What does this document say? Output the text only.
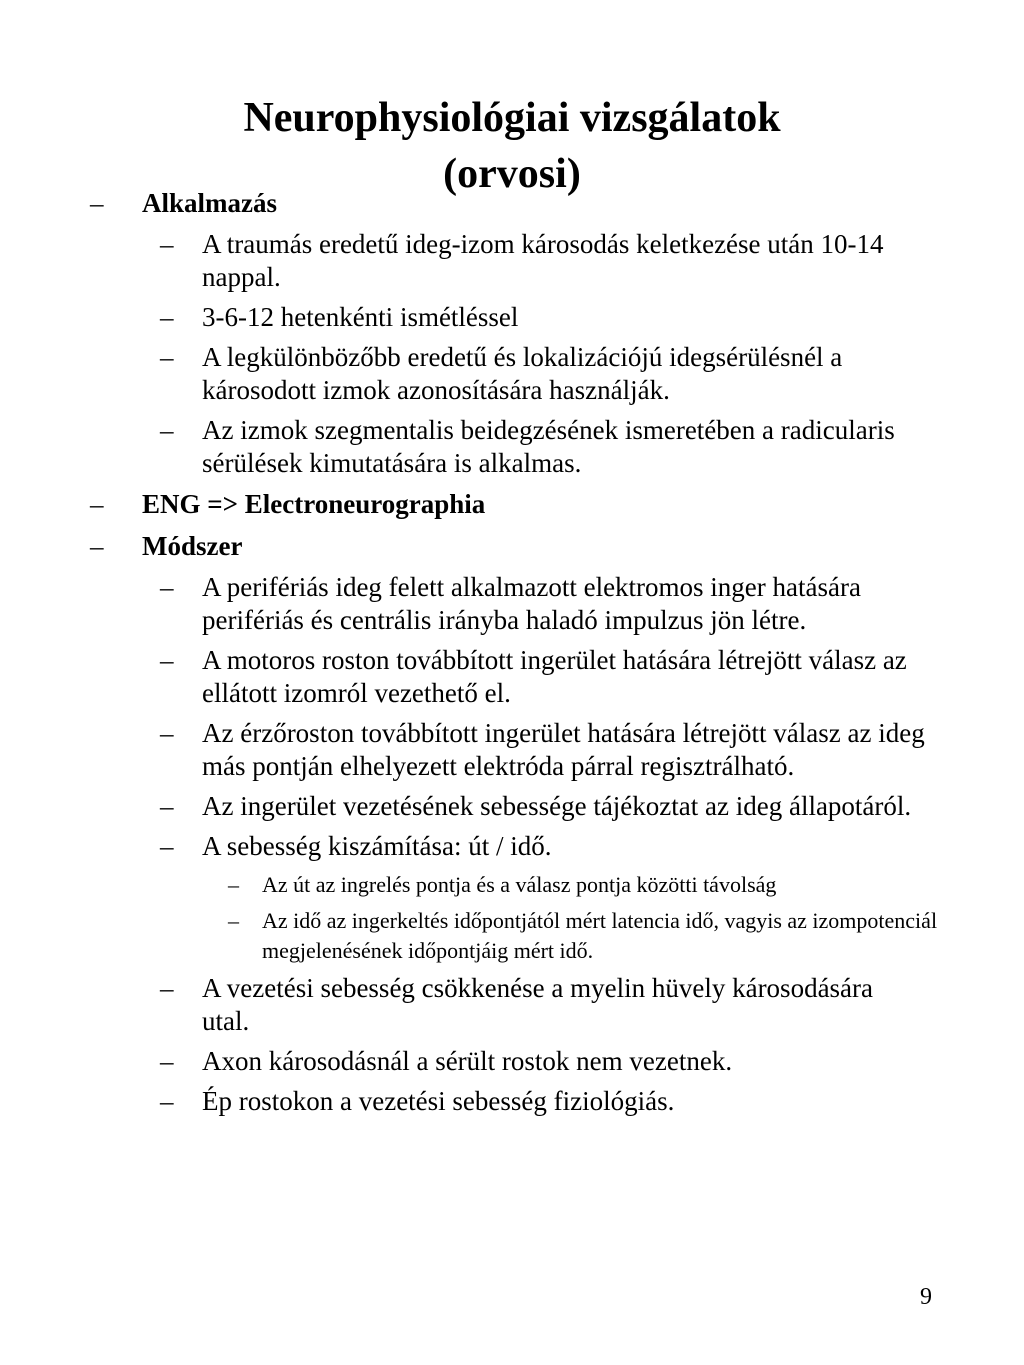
Neurophysiológiai vizsgálatok
(orvosi)
– Alkalmazás
– A traumás eredetű ideg-izom károsodás keletkezése után 10-14 nappal.
– 3-6-12 hetenkénti ismétléssel
– A legkülönbözőbb eredetű és lokalizációjú idegsérülésnél a károsodott izmok azonosítására használják.
– Az izmok szegmentalis beidegzésének ismeretében a radicularis sérülések kimutatására is alkalmas.
– ENG => Electroneurographia
– Módszer
– A perifériás ideg felett alkalmazott elektromos inger hatására perifériás és centrális irányba haladó impulzus jön létre.
– A motoros roston továbbított ingerület hatására létrejött válasz az ellátott izomról vezethető el.
– Az érzőroston továbbított ingerület hatására létrejött válasz az ideg más pontján elhelyezett elektróda párral regisztrálható.
– Az ingerület vezetésének sebessége tájékoztat az ideg állapotáról.
– A sebesség kiszámítása: út / idő.
– Az út az ingrelés pontja és a válasz pontja közötti távolság
– Az idő az ingerkeltés időpontjától mért latencia idő, vagyis az izompotenciál megjelenésének időpontjáig mért idő.
– A vezetési sebesség csökkenése a myelin hüvely károsodására utal.
– Axon károsodásnál a sérült rostok nem vezetnek.
– Ép rostokon a vezetési sebesség fiziológiás.
9
